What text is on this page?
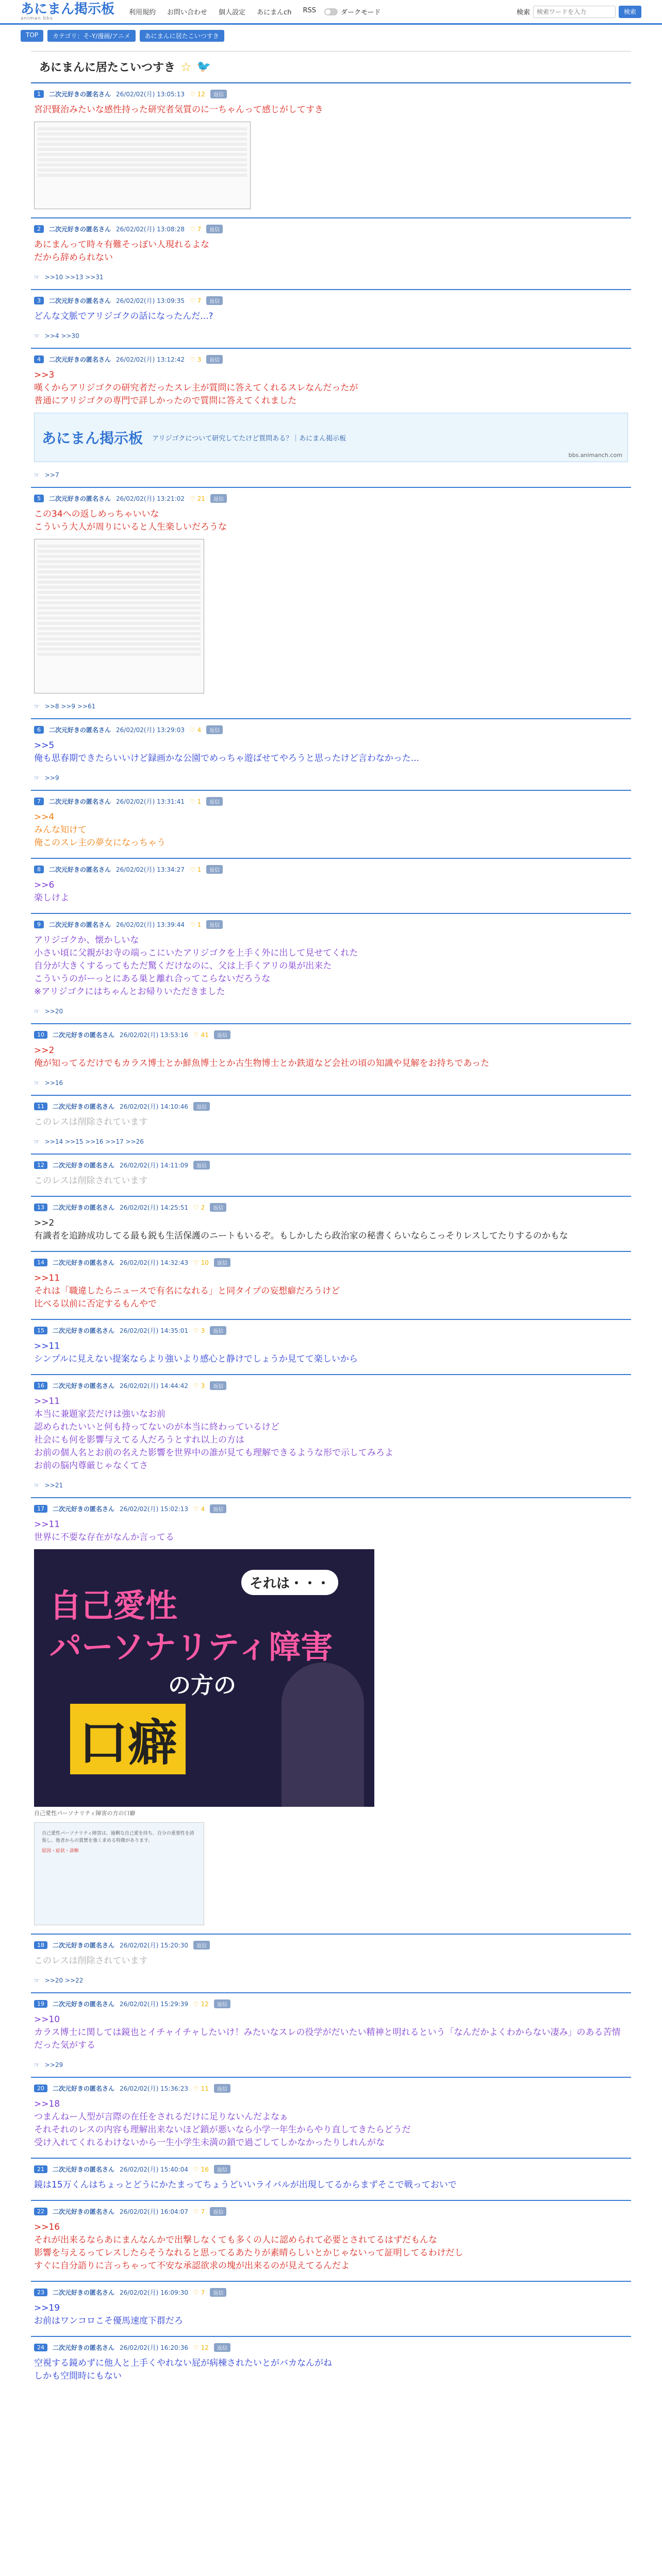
あにまん掲示板
animan bbs
利用規約 お問い合わせ 個人設定 あにまんch RSS	ダークモード	検索
検索ワードを入力	検索
TOP	カテゴリ：そ-Y/漫画/アニメ	あにまんに居たこいつすき
あにまんに居たこいつすき ☆ 🐦
1	二次元好きの匿名さん 26/02/02(月) 13:05:13 ♡ 12	返信
宮沢賢治みたいな感性持った研究者気質のに一ちゃんって感じがしてすき
2	二次元好きの匿名さん 26/02/02(月) 13:08:28 ♡ 7	返信
あにまんって時々有難そっぽい人現れるよな
だから辞められない
☞ >>10 >>13 >>31
3	二次元好きの匿名さん 26/02/02(月) 13:09:35 ♡ 7	返信
どんな文脈でアリジゴクの話になったんだ...?
☞ >>4 >>30
4	二次元好きの匿名さん 26/02/02(月) 13:12:42 ♡ 3	返信
>>3
嘆くからアリジゴクの研究者だったスレ主が質問に答えてくれるスレなんだったが
普通にアリジゴクの専門で詳しかったので質問に答えてくれました
あにまん掲示板 アリジゴクについて研究してたけど質問ある？｜あにまん掲示板
bbs.animanch.com
☞ >>7
5	二次元好きの匿名さん 26/02/02(月) 13:21:02 ♡ 21	返信
この34への返しめっちゃいいな
こういう大人が周りにいると人生楽しいだろうな
☞ >>8 >>9 >>61
6	二次元好きの匿名さん 26/02/02(月) 13:29:03 ♡ 4	返信
>>5
俺も思春期できたらいいけど録画かな公園でめっちゃ遊ばせてやろうと思ったけど言わなかった...
☞ >>9
7	二次元好きの匿名さん 26/02/02(月) 13:31:41 ♡ 1	返信
>>4
みんな知けて
俺このスレ主の夢女になっちゃう
8	二次元好きの匿名さん 26/02/02(月) 13:34:27 ♡ 1	返信
>>6
楽しけよ
9	二次元好きの匿名さん 26/02/02(月) 13:39:44 ♡ 1	返信
アリジゴクか、懐かしいな
小さい頃に父親がお寺の端っこにいたアリジゴクを上手く外に出して見せてくれた
自分が大きくするってもただ驚くだけなのに、父は上手くアリの巣が出来た
こういうのがーっとにある巣と離れ合ってこらないだろうな
※アリジゴクにはちゃんとお帰りいただきました
☞ >>20
10	二次元好きの匿名さん 26/02/02(月) 13:53:16 ♡ 41	返信
>>2
俺が知ってるだけでもカラス博士とか鮮魚博士とか古生物博士とか鉄道など会社の頃の知識や見解をお持ちであった
☞ >>16
11	二次元好きの匿名さん 26/02/02(月) 14:10:46	返信
このレスは削除されています
☞ >>14 >>15 >>16 >>17 >>26
12	二次元好きの匿名さん 26/02/02(月) 14:11:09	返信
このレスは削除されています
13	二次元好きの匿名さん 26/02/02(月) 14:25:51 ♡ 2	返信
>>2
有識者を追跡成功してる最も鋭も生活保護のニートもいるぞ。もしかしたら政治家の秘書くらいならこっそりレスしてたりするのかもな
14	二次元好きの匿名さん 26/02/02(月) 14:32:43 ♡ 10	返信
>>11
それは「職違したらニュースで有名になれる」と同タイプの妄想癖だろうけど
比べる以前に否定するもんやで
15	二次元好きの匿名さん 26/02/02(月) 14:35:01 ♡ 3	返信
>>11
シンプルに見えない提案ならより強いより感心と静けでしょうか見てて楽しいから
16	二次元好きの匿名さん 26/02/02(月) 14:44:42 ♡ 3	返信
>>11
本当に兼題家芸だけは強いなお前
認められたいいと何も持ってないのが本当に終わっているけど
社会にも何を影響与えてる人だろうとすれ以上の方は
お前の個人名とお前の名えた影響を世界中の誰が見ても理解できるような形で示してみろよ
お前の脳内尊厳じゃなくてさ
☞ >>21
17	二次元好きの匿名さん 26/02/02(月) 15:02:13 ♡ 4	返信
>>11
世界に不要な存在がなんか言ってる
自己愛性
パーソナリティ障害
の方の
口癖
それは・・・
自己愛性パーソナリティ障害の方の口癖
自己愛性パーソナリティ障害は、過剰な自己愛を持ち、自分の重要性を誇張し、他者からの賞賛を強く求める特徴があります。
原因・症状・診断
18	二次元好きの匿名さん 26/02/02(月) 15:20:30	返信
このレスは削除されています
☞ >>20 >>22
19	二次元好きの匿名さん 26/02/02(月) 15:29:39 ♡ 12	返信
>>10
カラス博士に関しては鏡也とイチャイチャしたいけ！みたいなスレの役学がだいたい精神と明れるという「なんだかよくわからない凄み」のある苦情だった気がする
☞ >>29
20	二次元好きの匿名さん 26/02/02(月) 15:36:23 ♡ 11	返信
>>18
つまんねー人型が言際の在任をされるだけに足りないんだよなぁ
それそれのレスの内容も理解出来ないほど鎖が悪いなら小学一年生からやり直してきたらどうだ
受け入れてくれるわけないから一生小学生未満の鎖で過ごしてしかなかったりしれんがな
21	二次元好きの匿名さん 26/02/02(月) 15:40:04 ♡ 16	返信
鏡は15万くんはちょっとどうにかたまってちょうどいいライバルが出現してるからまずそこで戦っておいで
22	二次元好きの匿名さん 26/02/02(月) 16:04:07 ♡ 7	返信
>>16
それが出来るならあにまんなんかで出撃しなくても多くの人に認められて必要とされてるはずだもんな
影響を与えるってレスしたらそうなれると思ってるあたりが素晴らしいとかじゃないって証明してるわけだし
すぐに自分語りに言っちゃって不安な承認欲求の塊が出来るのが見えてるんだよ
23	二次元好きの匿名さん 26/02/02(月) 16:09:30 ♡ 7	返信
>>19
お前はワンコロこそ優馬速度下群だろ
24	二次元好きの匿名さん 26/02/02(月) 16:20:36 ♡ 12	返信
空視する鏡めずに他人と上手くやれない屁が病棟されたいとがバカなんがね
しかも空間時にもない
